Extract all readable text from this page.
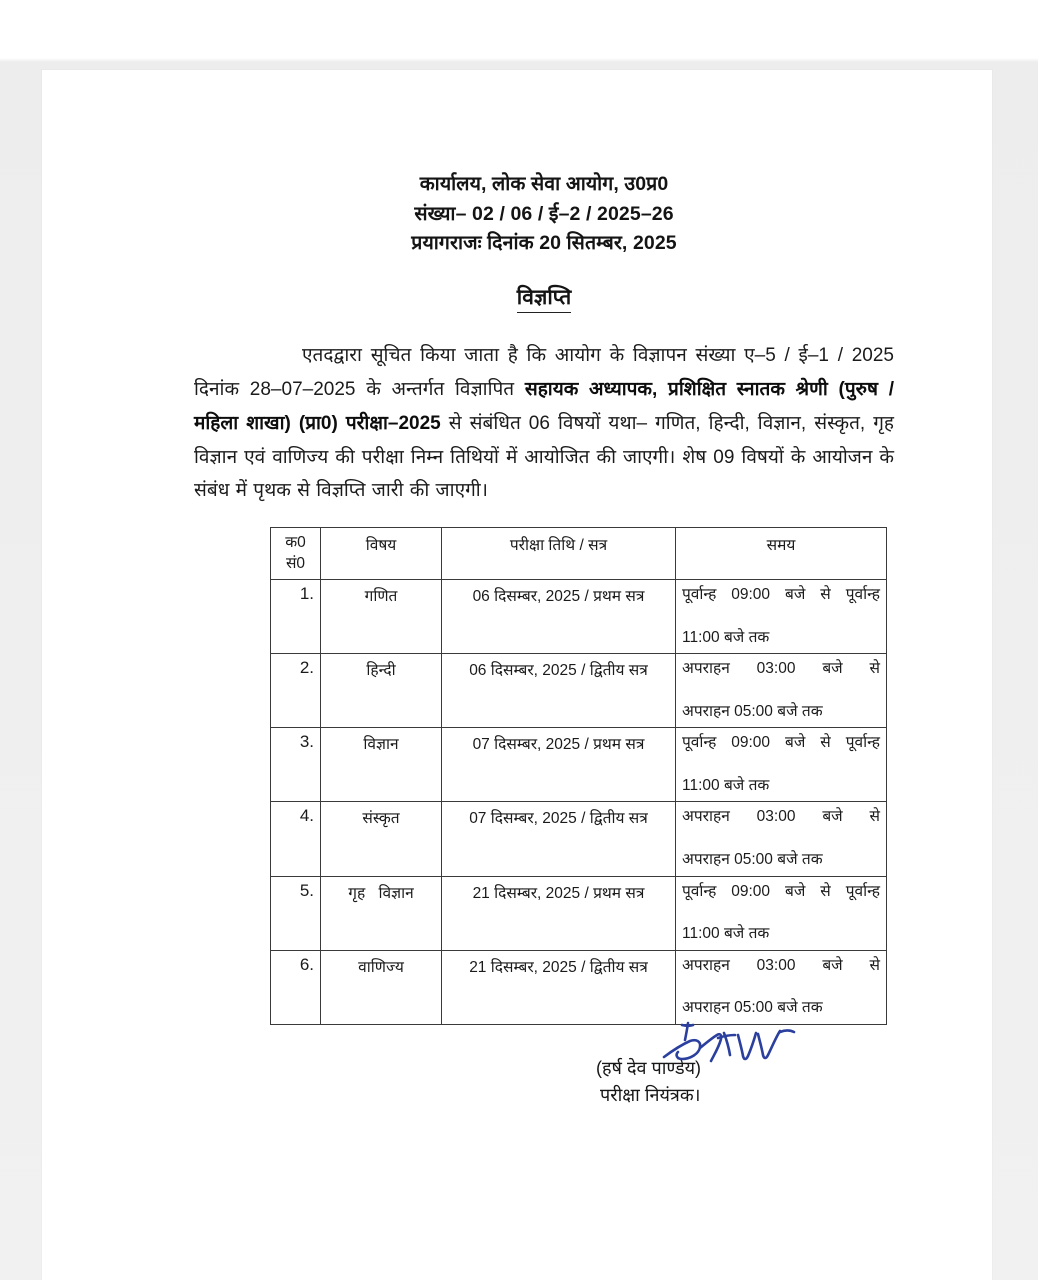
कार्यालय, लोक सेवा आयोग, उ0प्र0
संख्या– 02 / 06 / ई–2 / 2025–26
प्रयागराजः दिनांक 20 सितम्बर, 2025
विज्ञप्ति

एतदद्वारा सूचित किया जाता है कि आयोग के विज्ञापन संख्या ए–5 / ई–1 / 2025 दिनांक 28–07–2025 के अन्तर्गत विज्ञापित सहायक अध्यापक, प्रशिक्षित स्नातक श्रेणी (पुरुष / महिला शाखा) (प्रा0) परीक्षा–2025 से संबंधित 06 विषयों यथा– गणित, हिन्दी, विज्ञान, संस्कृत, गृह विज्ञान एवं वाणिज्य की परीक्षा निम्न तिथियों में आयोजित की जाएगी। शेष 09 विषयों के आयोजन के संबंध में पृथक से विज्ञप्ति जारी की जाएगी।

क0
सं0	विषय	परीक्षा तिथि / सत्र	समय
1.	गणित	06 दिसम्बर, 2025 / प्रथम सत्र	पूर्वान्ह 09:00 बजे से पूर्वान्ह
11:00 बजे तक

2.	हिन्दी	06 दिसम्बर, 2025 / द्वितीय सत्र	अपराहन 03:00 बजे से
अपराहन 05:00 बजे तक

3.	विज्ञान	07 दिसम्बर, 2025 / प्रथम सत्र	पूर्वान्ह 09:00 बजे से पूर्वान्ह
11:00 बजे तक

4.	संस्कृत	07 दिसम्बर, 2025 / द्वितीय सत्र	अपराहन 03:00 बजे से
अपराहन 05:00 बजे तक

5.	गृह विज्ञान	21 दिसम्बर, 2025 / प्रथम सत्र	पूर्वान्ह 09:00 बजे से पूर्वान्ह
11:00 बजे तक

6.	वाणिज्य	21 दिसम्बर, 2025 / द्वितीय सत्र	अपराहन 03:00 बजे से
अपराहन 05:00 बजे तक
(हर्ष देव पाण्डेय)
परीक्षा नियंत्रक।
